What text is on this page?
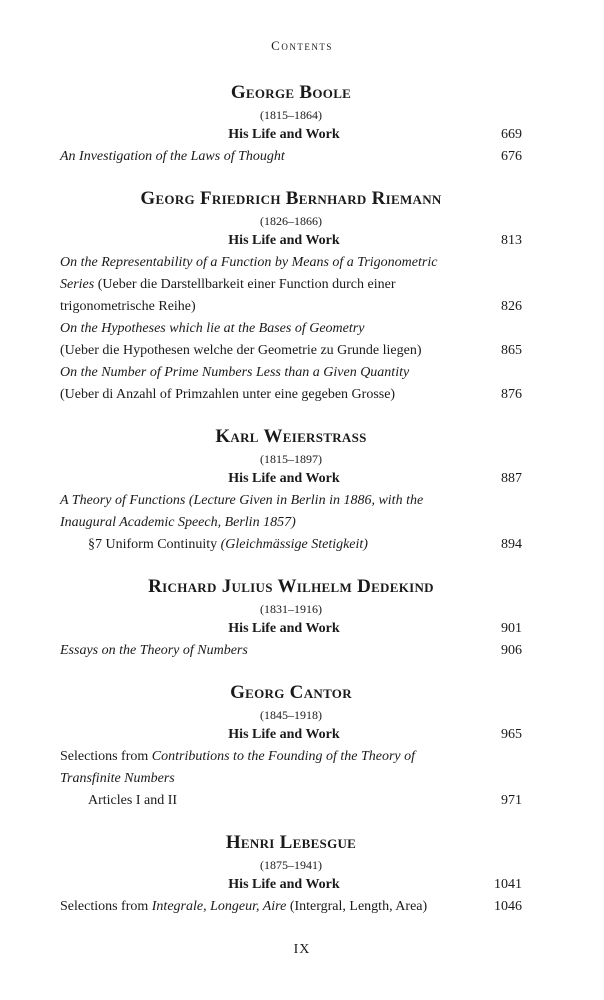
Contents
George Boole
(1815–1864)
His Life and Work	669
An Investigation of the Laws of Thought	676
Georg Friedrich Bernhard Riemann
(1826–1866)
His Life and Work	813
On the Representability of a Function by Means of a Trigonometric
Series (Ueber die Darstellbarkeit einer Function durch einer
trigonometrische Reihe)	826
On the Hypotheses which lie at the Bases of Geometry
(Ueber die Hypothesen welche der Geometrie zu Grunde liegen)	865
On the Number of Prime Numbers Less than a Given Quantity
(Ueber di Anzahl of Primzahlen unter eine gegeben Grosse)	876
Karl Weierstrass
(1815–1897)
His Life and Work	887
A Theory of Functions (Lecture Given in Berlin in 1886, with the
Inaugural Academic Speech, Berlin 1857)
§7 Uniform Continuity (Gleichmässige Stetigkeit)	894
Richard Julius Wilhelm Dedekind
(1831–1916)
His Life and Work	901
Essays on the Theory of Numbers	906
Georg Cantor
(1845–1918)
His Life and Work	965
Selections from Contributions to the Founding of the Theory of
Transfinite Numbers
Articles I and II	971
Henri Lebesgue
(1875–1941)
His Life and Work	1041
Selections from Integrale, Longeur, Aire (Intergral, Length, Area)	1046
IX
